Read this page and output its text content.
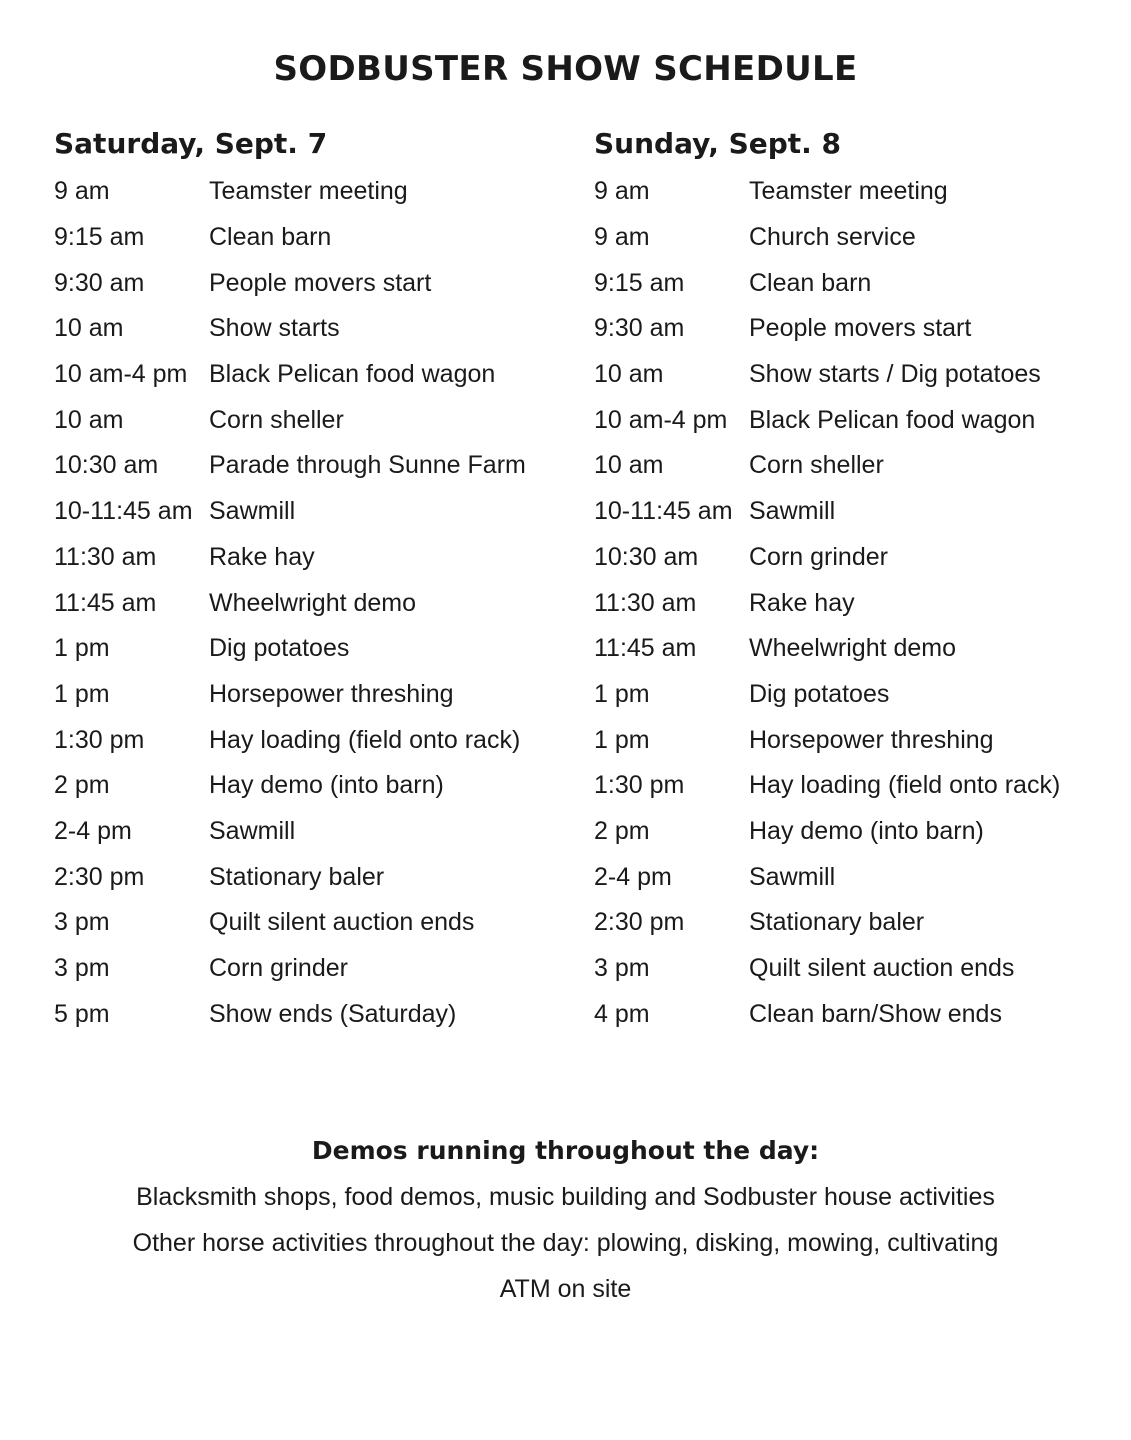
SODBUSTER SHOW SCHEDULE
Saturday, Sept. 7
9 am	Teamster meeting
9:15 am	Clean barn
9:30 am	People movers start
10 am	Show starts
10 am-4 pm Black Pelican food wagon
10 am	Corn sheller
10:30 am	Parade through Sunne Farm
10-11:45 am Sawmill
11:30 am	Rake hay
11:45 am	Wheelwright demo
1 pm	Dig potatoes
1 pm	Horsepower threshing
1:30 pm	Hay loading (field onto rack)
2 pm	Hay demo (into barn)
2-4 pm	Sawmill
2:30 pm	Stationary baler
3 pm	Quilt silent auction ends
3 pm	Corn grinder
5 pm	Show ends (Saturday)
Sunday, Sept. 8
9 am	Teamster meeting
9 am	Church service
9:15 am	Clean barn
9:30 am	People movers start
10 am	Show starts / Dig potatoes
10 am-4 pm Black Pelican food wagon
10 am	Corn sheller
10-11:45 am Sawmill
10:30 am	Corn grinder
11:30 am	Rake hay
11:45 am	Wheelwright demo
1 pm	Dig potatoes
1 pm	Horsepower threshing
1:30 pm	Hay loading (field onto rack)
2 pm	Hay demo (into barn)
2-4 pm	Sawmill
2:30 pm	Stationary baler
3 pm	Quilt silent auction ends
4 pm	Clean barn/Show ends
Demos running throughout the day:
Blacksmith shops, food demos, music building and Sodbuster house activities
Other horse activities throughout the day: plowing, disking, mowing, cultivating
ATM on site
